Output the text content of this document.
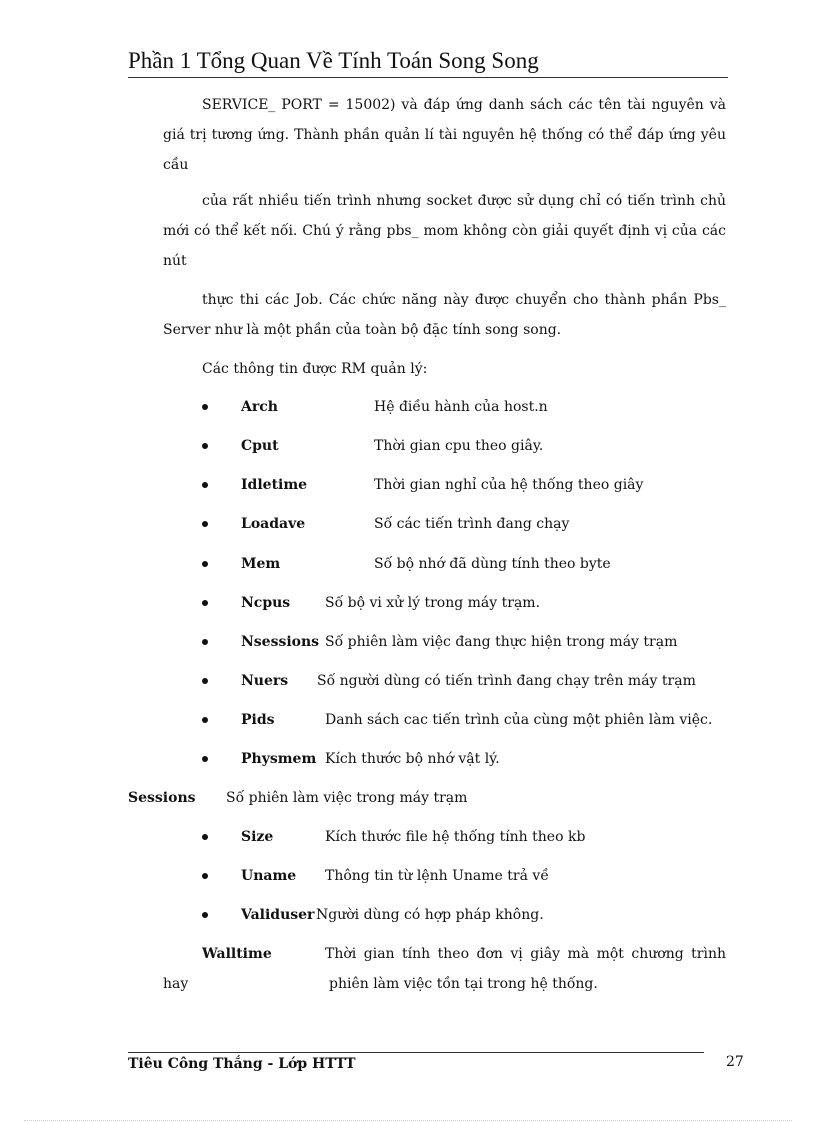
Phần 1 Tổng Quan Về Tính Toán Song Song
SERVICE_ PORT = 15002) và đáp ứng danh sách các tên tài nguyên và giá trị tương ứng. Thành phần quản lí tài nguyên hệ thống có thể đáp ứng yêu cầu
của rất nhiều tiến trình nhưng socket được sử dụng chỉ có tiến trình chủ mới có thể kết nối. Chú ý rằng pbs_ mom không còn giải quyết định vị của các nút
thực thi các Job. Các chức năng này được chuyển cho thành phần Pbs_ Server như là một phần của toàn bộ đặc tính song song.
Các thông tin được RM quản lý:
Arch	Hệ điều hành của host.n
Cput	Thời gian cpu theo giây.
Idletime	Thời gian nghỉ của hệ thống theo giây
Loadave	Số các tiến trình đang chạy
Mem	Số bộ nhớ đã dùng tính theo byte
Ncpus Số bộ vi xử lý trong máy trạm.
Nsessions Số phiên làm việc đang thực hiện trong máy trạm
Nuers Số người dùng có tiến trình đang chạy trên máy trạm
Pids	Danh sách cac tiến trình của cùng một phiên làm việc.
Physmem Kích thước bộ nhớ vật lý.
Sessions Số phiên làm việc trong máy trạm
Size	Kích thước file hệ thống tính theo kb
Uname Thông tin từ lệnh Uname trả về
Validuser Người dùng có hợp pháp không.
Walltime	Thời gian tính theo đơn vị giây mà một chương trình
hay	phiên làm việc tồn tại trong hệ thống.
Tiêu Công Thắng - Lớp HTTT	27
